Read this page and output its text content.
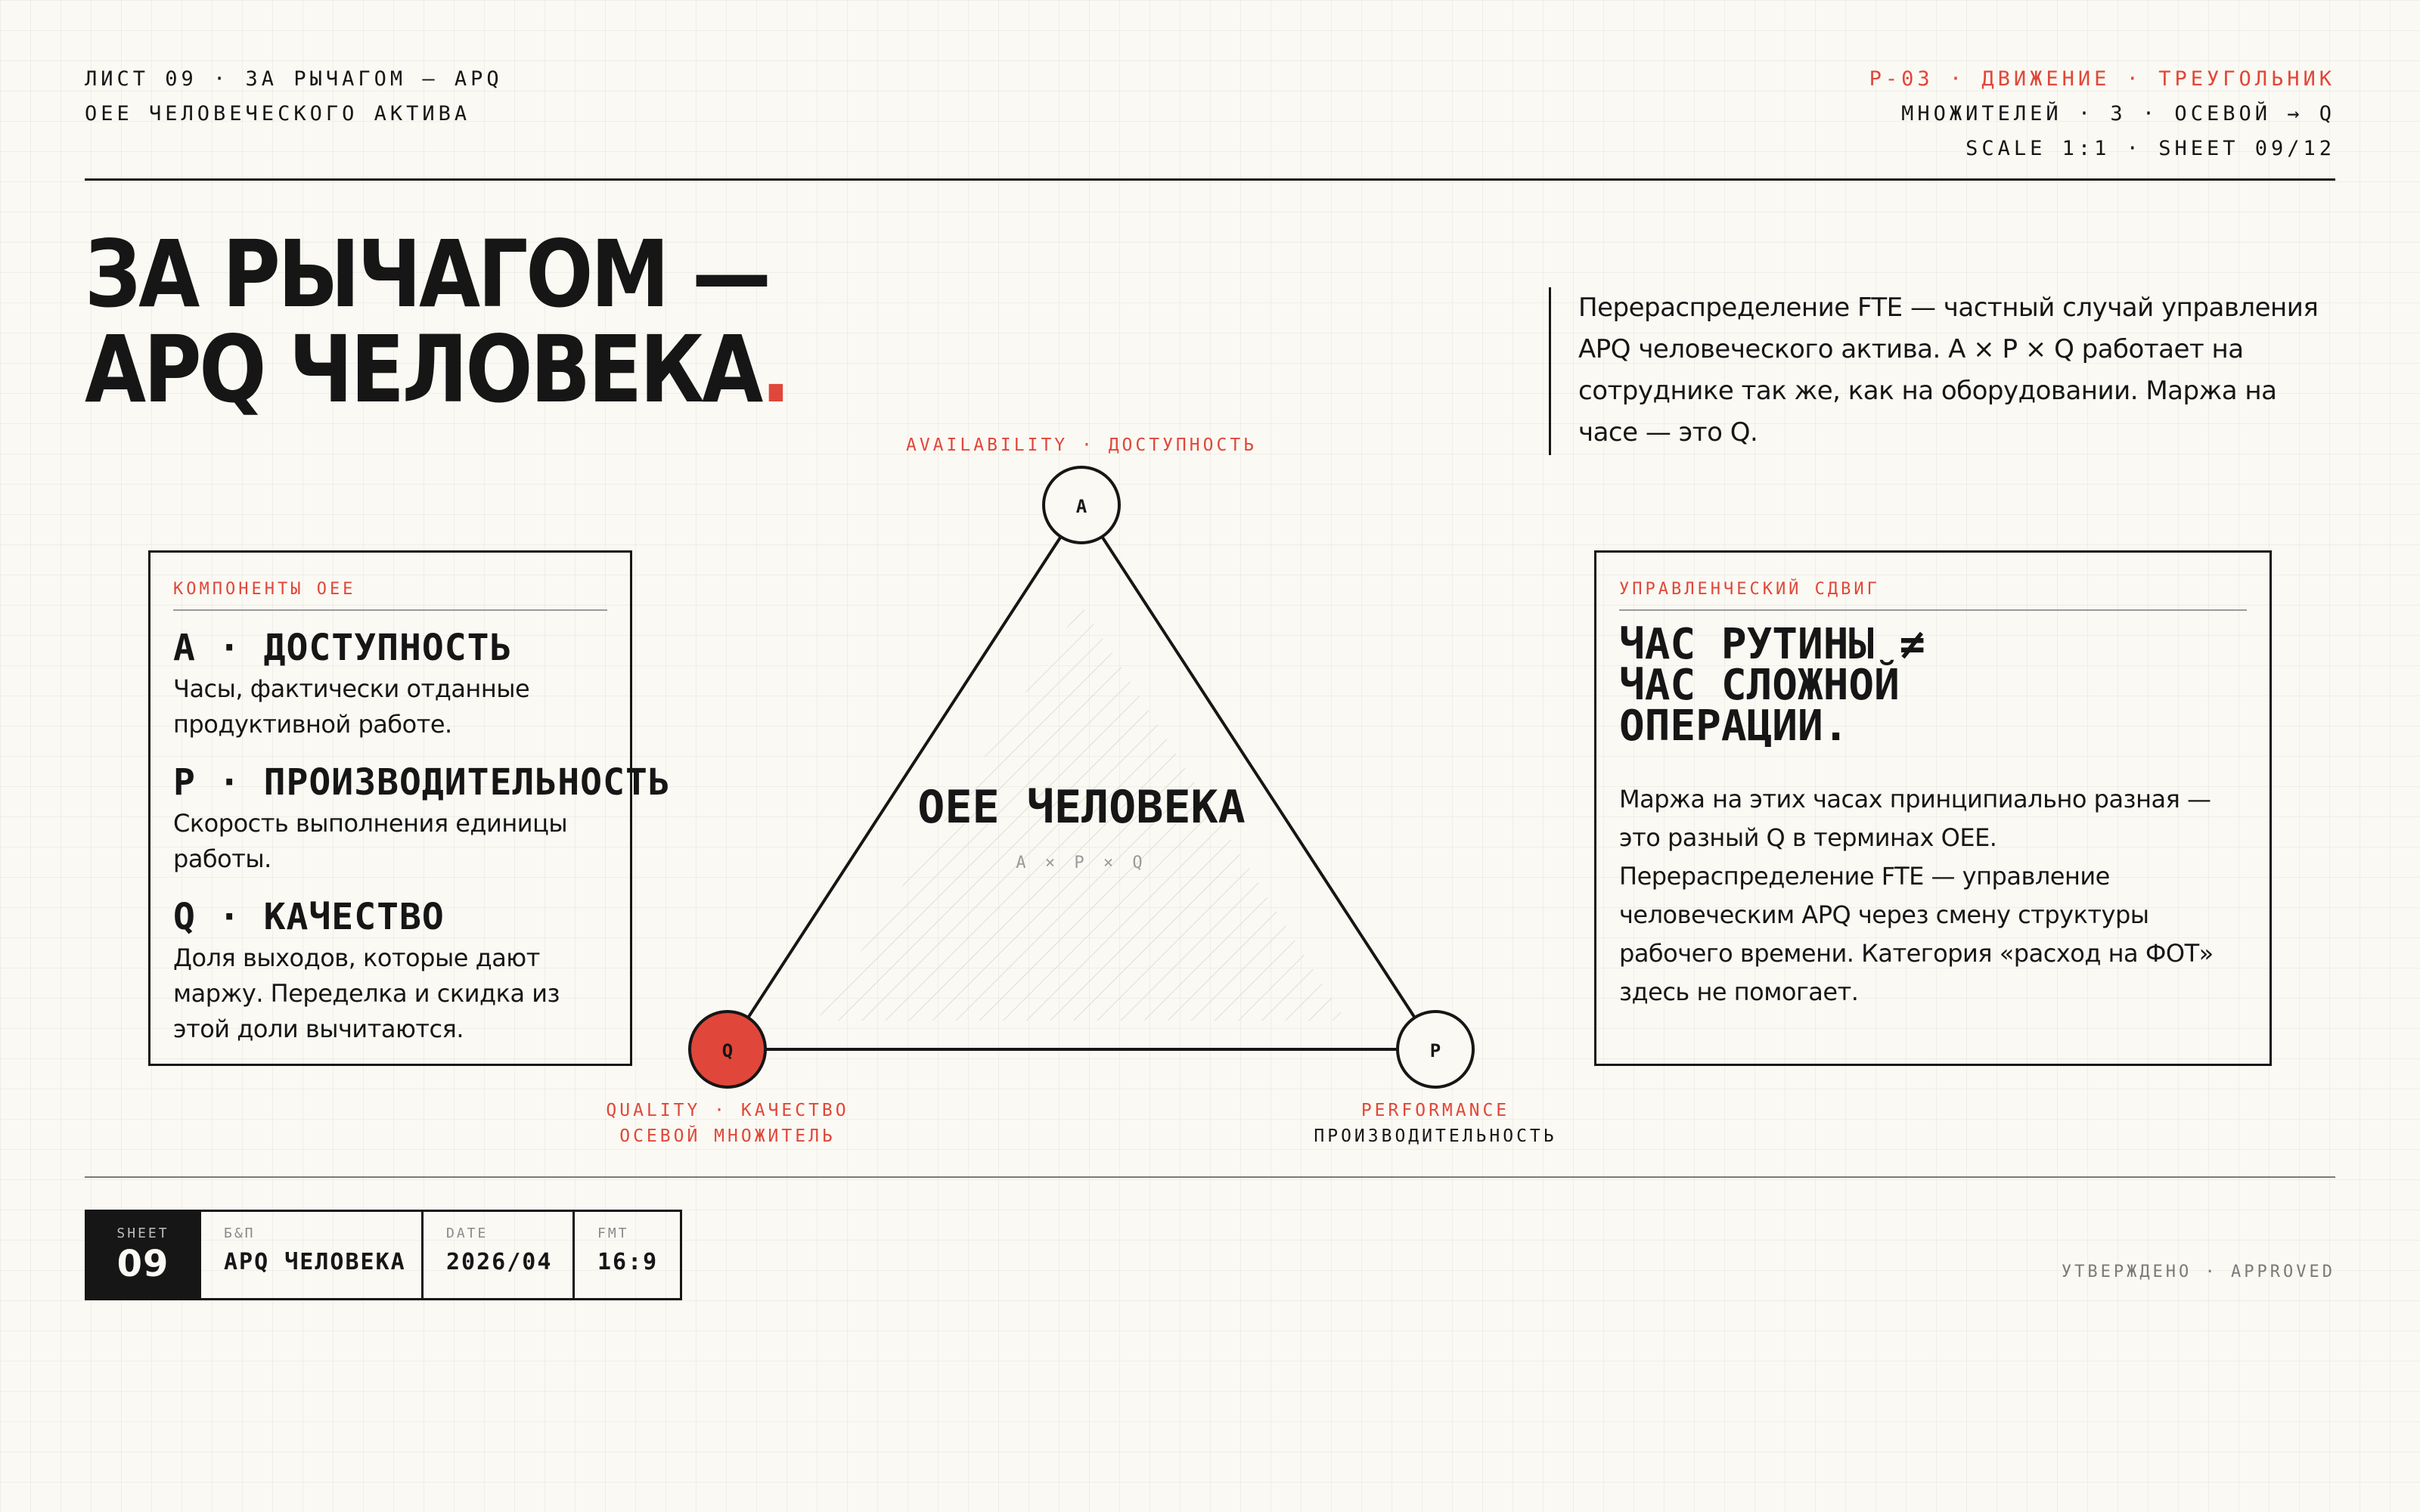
ЛИСТ 09 · ЗА РЫЧАГОМ — APQ
OEE ЧЕЛОВЕЧЕСКОГО АКТИВА
P-03 · ДВИЖЕНИЕ · ТРЕУГОЛЬНИК
МНОЖИТЕЛЕЙ · 3 · ОСЕВОЙ → Q
SCALE 1:1 · SHEET 09/12
ЗА РЫЧАГОМ —
APQ ЧЕЛОВЕКА.
Перераспределение FTE — частный случай управления APQ человеческого актива. A × P × Q работает на сотруднике так же, как на оборудовании. Маржа на часе — это Q.
КОМПОНЕНТЫ OEE
A · ДОСТУПНОСТЬ
Часы, фактически отданные продуктивной работе.
P · ПРОИЗВОДИТЕЛЬНОСТЬ
Скорость выполнения единицы работы.
Q · КАЧЕСТВО
Доля выходов, которые дают маржу. Переделка и скидка из этой доли вычитаются.
A
Q	P
OEE ЧЕЛОВЕКА
A × P × Q
AVAILABILITY · ДОСТУПНОСТЬ
QUALITY · КАЧЕСТВО
ОСЕВОЙ МНОЖИТЕЛЬ
PERFORMANCE
ПРОИЗВОДИТЕЛЬНОСТЬ
УПРАВЛЕНЧЕСКИЙ СДВИГ
ЧАС РУТИНЫ ≠
ЧАС СЛОЖНОЙ
ОПЕРАЦИИ.
Маржа на этих часах принципиально разная — это разный Q в терминах OEE. Перераспределение FTE — управление человеческим APQ через смену структуры рабочего времени. Категория «расход на ФОТ» здесь не помогает.
SHEET
09
Б&П
APQ ЧЕЛОВЕКА
DATE
2026/04
FMT
16:9	УТВЕРЖДЕНО · APPROVED
